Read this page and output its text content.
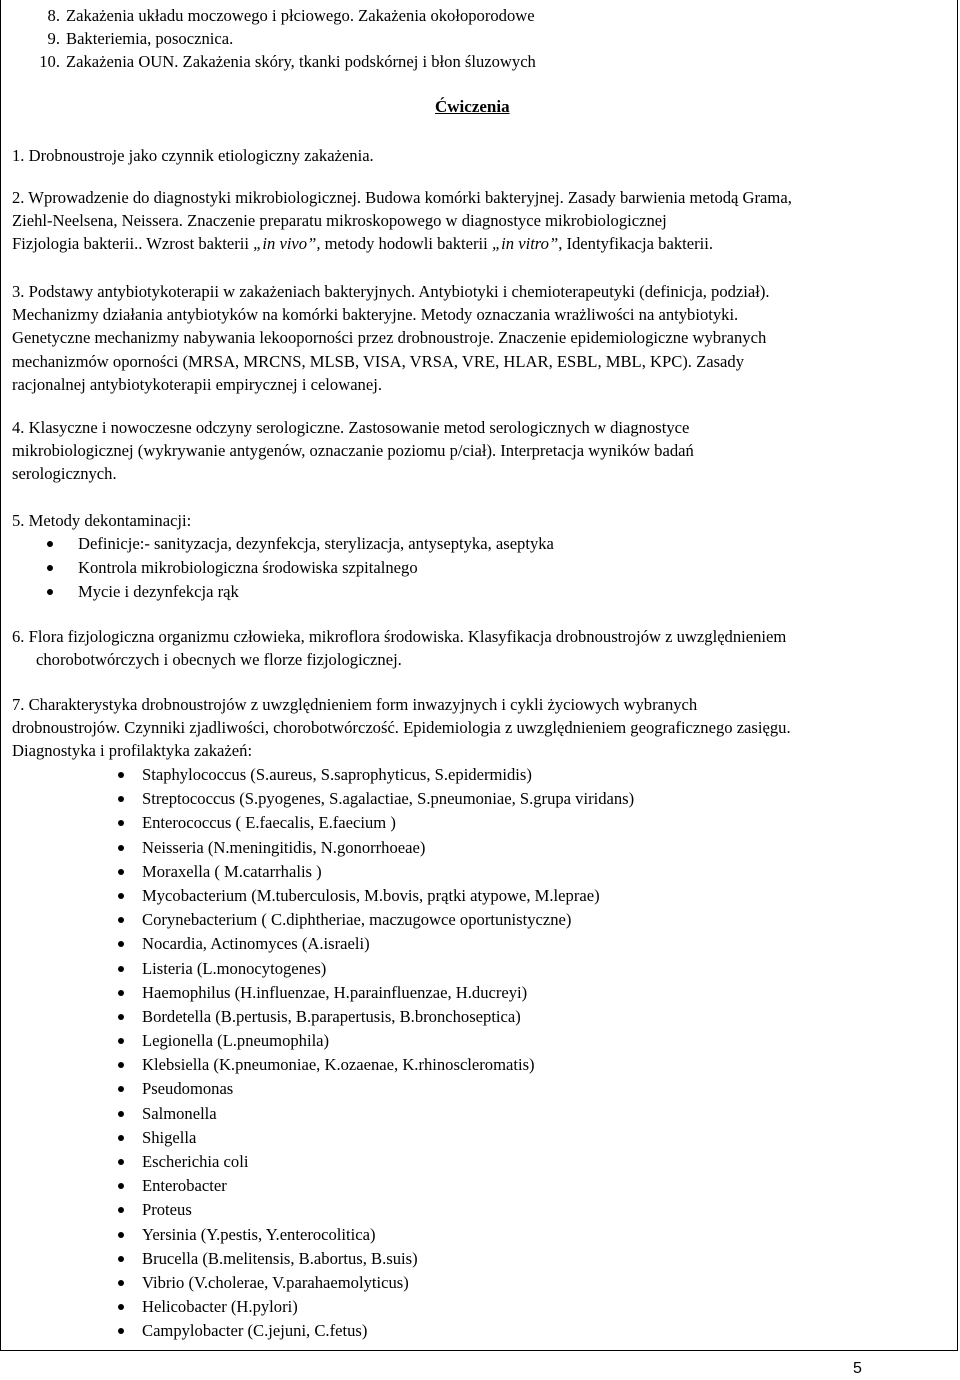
8. Zakażenia układu moczowego i płciowego. Zakażenia okołoporodowe
9. Bakteriemia, posocznica.
10. Zakażenia OUN. Zakażenia skóry, tkanki podskórnej i błon śluzowych
Ćwiczenia
1. Drobnoustroje jako czynnik etiologiczny zakażenia.
2. Wprowadzenie do diagnostyki mikrobiologicznej. Budowa komórki bakteryjnej. Zasady barwienia metodą Grama,
Ziehl-Neelsena, Neissera. Znaczenie preparatu mikroskopowego w diagnostyce mikrobiologicznej
Fizjologia bakterii.. Wzrost bakterii „in vivo”, metody hodowli bakterii „in vitro”, Identyfikacja bakterii.
3. Podstawy antybiotykoterapii w zakażeniach bakteryjnych. Antybiotyki i chemioterapeutyki (definicja, podział).
Mechanizmy działania antybiotyków na komórki bakteryjne. Metody oznaczania wrażliwości na antybiotyki.
Genetyczne mechanizmy nabywania lekooporności przez drobnoustroje. Znaczenie epidemiologiczne wybranych
mechanizmów oporności (MRSA, MRCNS, MLSB, VISA, VRSA, VRE, HLAR, ESBL, MBL, KPC). Zasady
racjonalnej antybiotykoterapii empirycznej i celowanej.
4. Klasyczne i nowoczesne odczyny serologiczne. Zastosowanie metod serologicznych w diagnostyce
mikrobiologicznej (wykrywanie antygenów, oznaczanie poziomu p/ciał). Interpretacja wyników badań
serologicznych.
5. Metody dekontaminacji:
Definicje:- sanityzacja, dezynfekcja, sterylizacja, antyseptyka, aseptyka
Kontrola mikrobiologiczna środowiska szpitalnego
Mycie i dezynfekcja rąk
6. Flora fizjologiczna organizmu człowieka, mikroflora środowiska. Klasyfikacja drobnoustrojów z uwzględnieniem
chorobotwórczych i obecnych we florze fizjologicznej.
7. Charakterystyka drobnoustrojów z uwzględnieniem form inwazyjnych i cykli życiowych wybranych
drobnoustrojów. Czynniki zjadliwości, chorobotwórczość. Epidemiologia z uwzględnieniem geograficznego zasięgu.
Diagnostyka i profilaktyka zakażeń:
Staphylococcus (S.aureus, S.saprophyticus, S.epidermidis)
Streptococcus (S.pyogenes, S.agalactiae, S.pneumoniae, S.grupa viridans)
Enterococcus ( E.faecalis, E.faecium )
Neisseria (N.meningitidis, N.gonorrhoeae)
Moraxella ( M.catarrhalis )
Mycobacterium (M.tuberculosis, M.bovis, prątki atypowe, M.leprae)
Corynebacterium ( C.diphtheriae, maczugowce oportunistyczne)
Nocardia, Actinomyces (A.israeli)
Listeria (L.monocytogenes)
Haemophilus (H.influenzae, H.parainfluenzae, H.ducreyi)
Bordetella (B.pertusis, B.parapertusis, B.bronchoseptica)
Legionella (L.pneumophila)
Klebsiella (K.pneumoniae, K.ozaenae, K.rhinoscleromatis)
Pseudomonas
Salmonella
Shigella
Escherichia coli
Enterobacter
Proteus
Yersinia (Y.pestis, Y.enterocolitica)
Brucella (B.melitensis, B.abortus, B.suis)
Vibrio (V.cholerae, V.parahaemolyticus)
Helicobacter (H.pylori)
Campylobacter (C.jejuni, C.fetus)
5
